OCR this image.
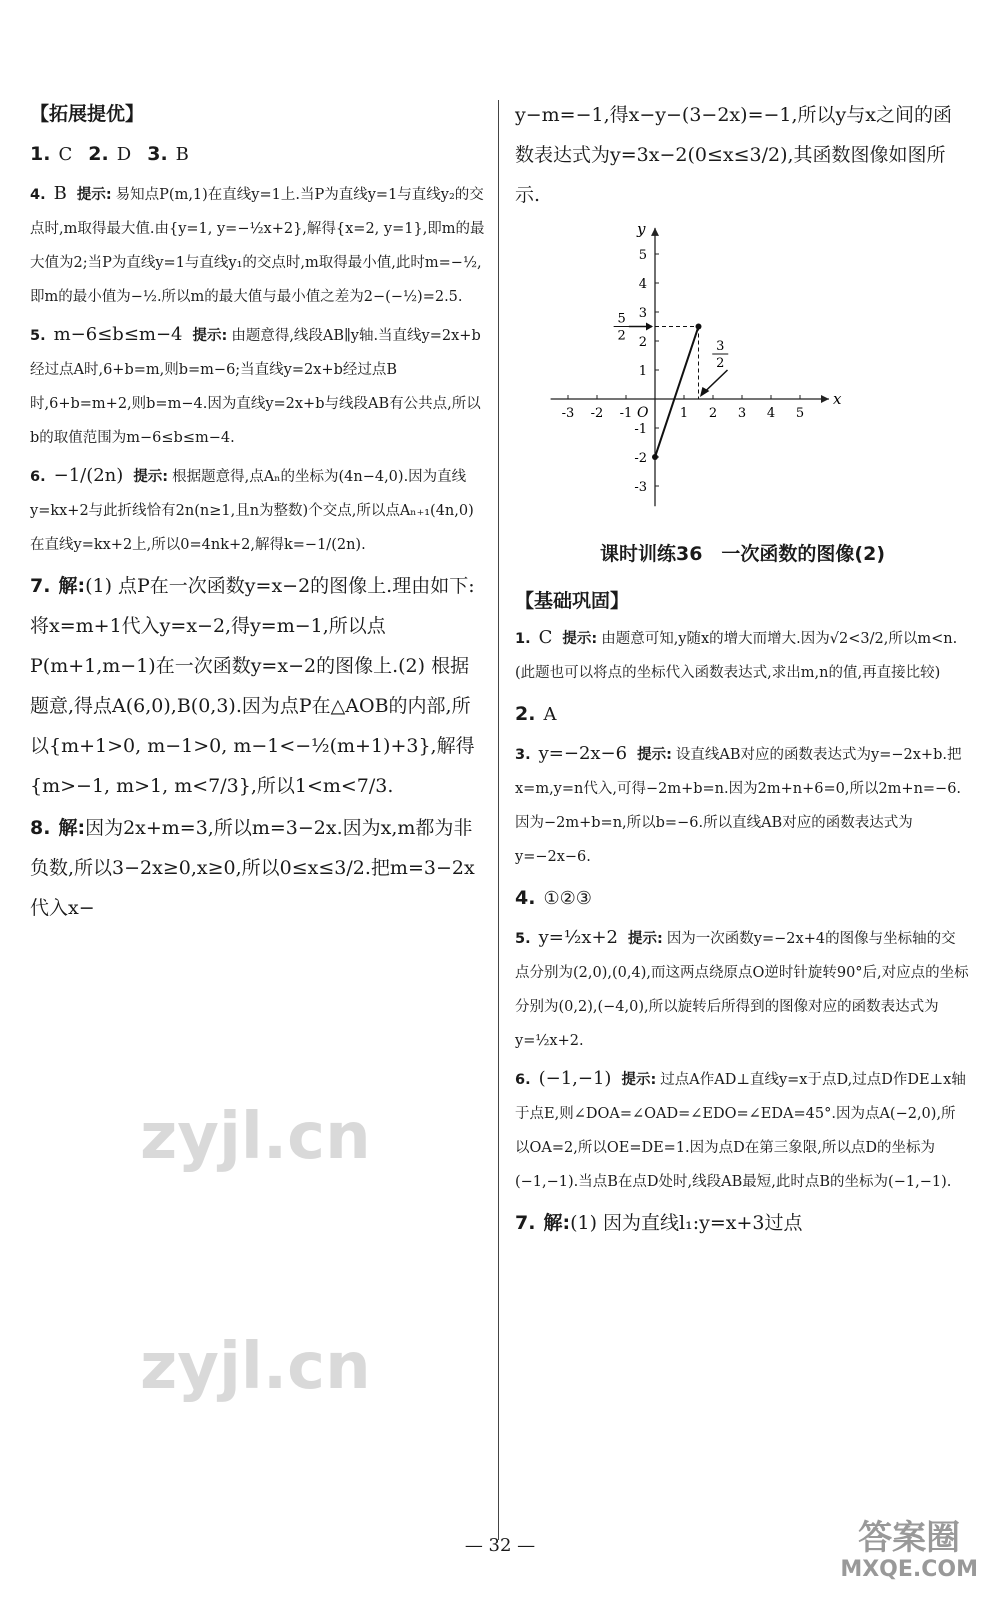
【拓展提优】
1. C 2. D 3. B
4. B 提示: 易知点P(m,1)在直线y=1上.当P为直线y=1与直线y₂的交点时,m取得最大值.由{y=1, y=−½x+2},解得{x=2, y=1},即m的最大值为2;当P为直线y=1与直线y₁的交点时,m取得最小值,此时m=−½,即m的最小值为−½.所以m的最大值与最小值之差为2−(−½)=2.5.
5. m−6≤b≤m−4 提示: 由题意得,线段AB∥y轴.当直线y=2x+b经过点A时,6+b=m,则b=m−6;当直线y=2x+b经过点B时,6+b=m+2,则b=m−4.因为直线y=2x+b与线段AB有公共点,所以b的取值范围为m−6≤b≤m−4.
6. −1/(2n) 提示: 根据题意得,点Aₙ的坐标为(4n−4,0).因为直线y=kx+2与此折线恰有2n(n≥1,且n为整数)个交点,所以点Aₙ₊₁(4n,0)在直线y=kx+2上,所以0=4nk+2,解得k=−1/(2n).
7. 解:(1) 点P在一次函数y=x−2的图像上.理由如下:将x=m+1代入y=x−2,得y=m−1,所以点P(m+1,m−1)在一次函数y=x−2的图像上.(2) 根据题意,得点A(6,0),B(0,3).因为点P在△AOB的内部,所以{m+1>0, m−1>0, m−1<−½(m+1)+3},解得{m>−1, m>1, m<7/3},所以1<m<7/3.
8. 解:因为2x+m=3,所以m=3−2x.因为x,m都为非负数,所以3−2x≥0,x≥0,所以0≤x≤3/2.把m=3−2x代入x−
y−m=−1,得x−y−(3−2x)=−1,所以y与x之间的函数表达式为y=3x−2(0≤x≤3/2),其函数图像如图所示.
-3 -2 -1	1 2 3 4 5
5
4
3
2
1
-1
-2
-3
x
y
O
5
2
3
2
课时训练36　一次函数的图像(2)
【基础巩固】
1. C 提示: 由题意可知,y随x的增大而增大.因为√2<3/2,所以m<n.(此题也可以将点的坐标代入函数表达式,求出m,n的值,再直接比较)
2. A
3. y=−2x−6 提示: 设直线AB对应的函数表达式为y=−2x+b.把x=m,y=n代入,可得−2m+b=n.因为2m+n+6=0,所以2m+n=−6.因为−2m+b=n,所以b=−6.所以直线AB对应的函数表达式为y=−2x−6.
4. ①②③
5. y=½x+2 提示: 因为一次函数y=−2x+4的图像与坐标轴的交点分别为(2,0),(0,4),而这两点绕原点O逆时针旋转90°后,对应点的坐标分别为(0,2),(−4,0),所以旋转后所得到的图像对应的函数表达式为y=½x+2.
6. (−1,−1) 提示: 过点A作AD⊥直线y=x于点D,过点D作DE⊥x轴于点E,则∠DOA=∠OAD=∠EDO=∠EDA=45°.因为点A(−2,0),所以OA=2,所以OE=DE=1.因为点D在第三象限,所以点D的坐标为(−1,−1).当点B在点D处时,线段AB最短,此时点B的坐标为(−1,−1).
7. 解:(1) 因为直线l₁:y=x+3过点
— 32 —
zyjl.cn
zyjl.cn
答案圈
MXQE.COM
